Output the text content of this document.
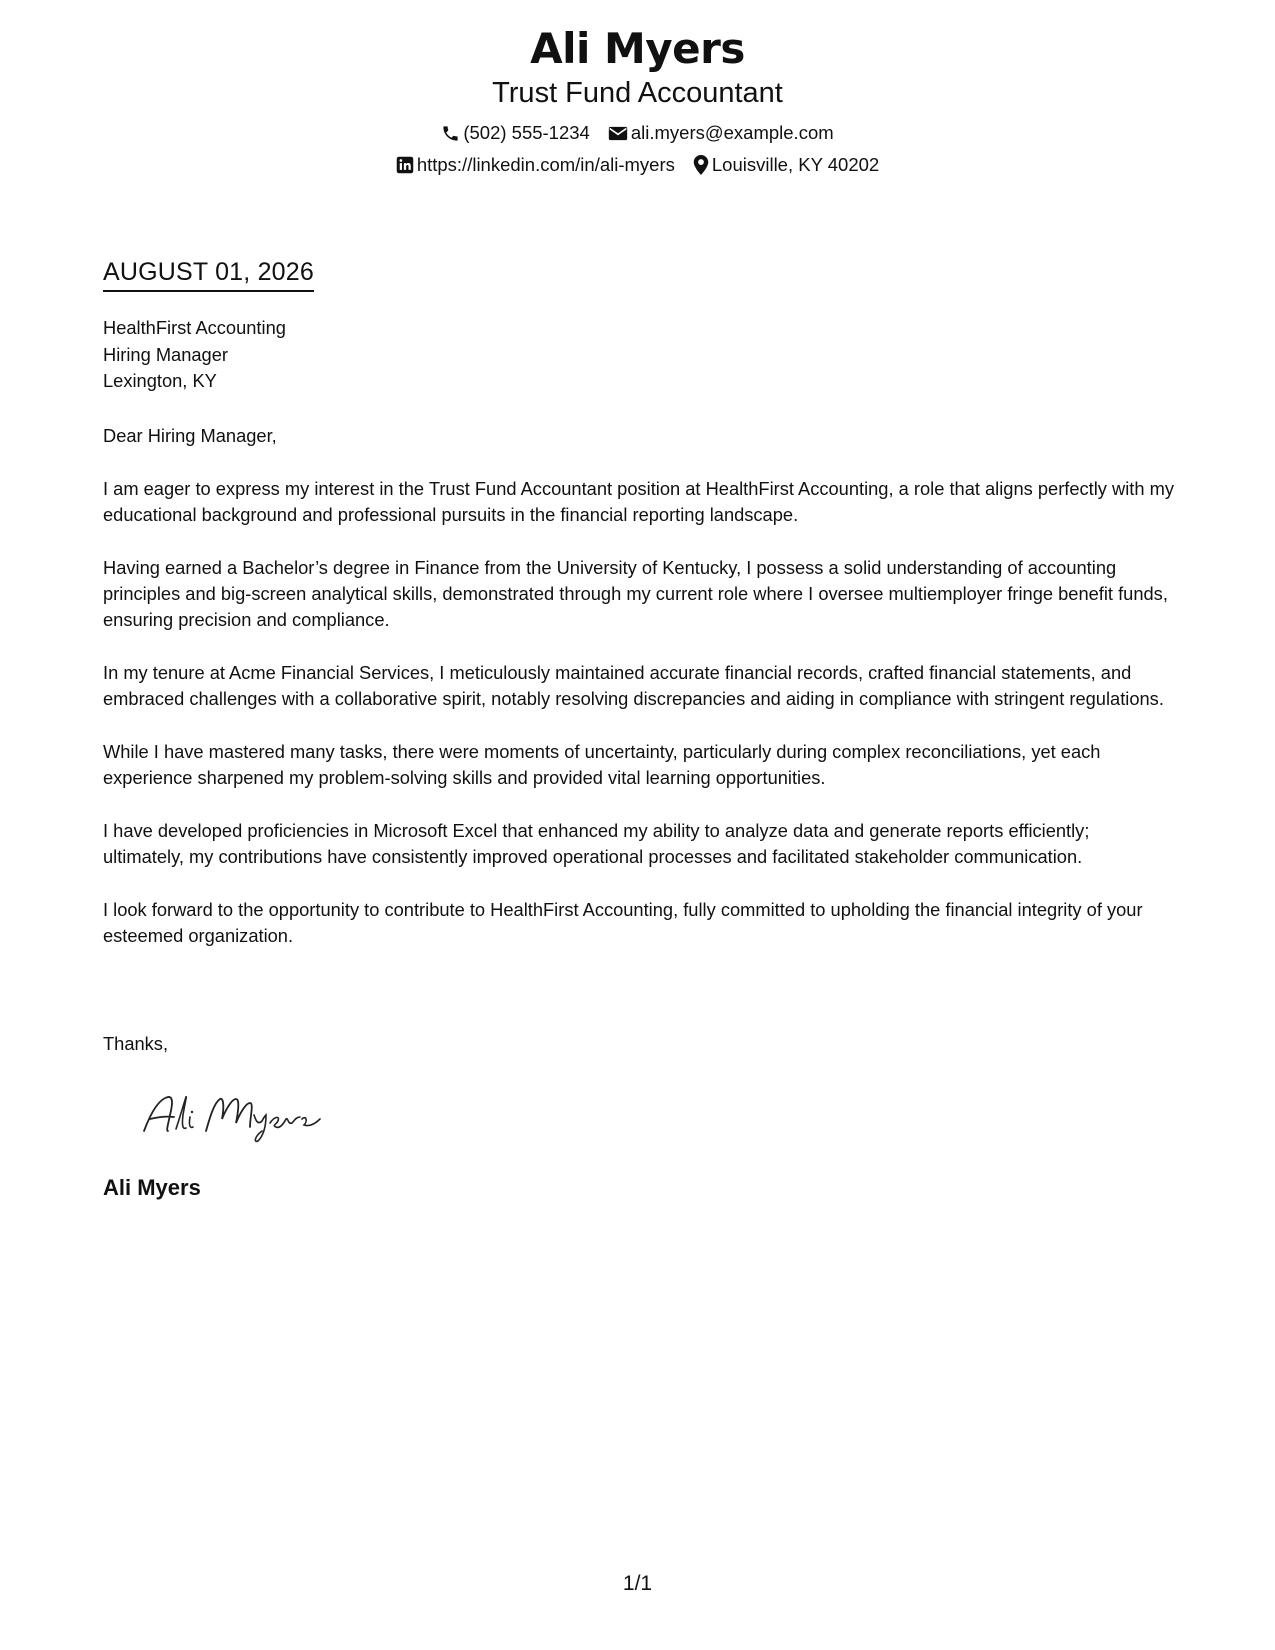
Ali Myers
Trust Fund Accountant
(502) 555-1234 ali.myers@example.com
https://linkedin.com/in/ali-myers Louisville, KY 40202
AUGUST 01, 2026
HealthFirst Accounting
Hiring Manager
Lexington, KY
Dear Hiring Manager,

I am eager to express my interest in the Trust Fund Accountant position at HealthFirst Accounting, a role that aligns perfectly with my educational background and professional pursuits in the financial reporting landscape.

Having earned a Bachelor’s degree in Finance from the University of Kentucky, I possess a solid understanding of accounting principles and big-screen analytical skills, demonstrated through my current role where I oversee multiemployer fringe benefit funds, ensuring precision and compliance.

In my tenure at Acme Financial Services, I meticulously maintained accurate financial records, crafted financial statements, and embraced challenges with a collaborative spirit, notably resolving discrepancies and aiding in compliance with stringent regulations.

While I have mastered many tasks, there were moments of uncertainty, particularly during complex reconciliations, yet each experience sharpened my problem-solving skills and provided vital learning opportunities.

I have developed proficiencies in Microsoft Excel that enhanced my ability to analyze data and generate reports efficiently; ultimately, my contributions have consistently improved operational processes and facilitated stakeholder communication.

I look forward to the opportunity to contribute to HealthFirst Accounting, fully committed to upholding the financial integrity of your esteemed organization.

Thanks,
Ali Myers
1/1
